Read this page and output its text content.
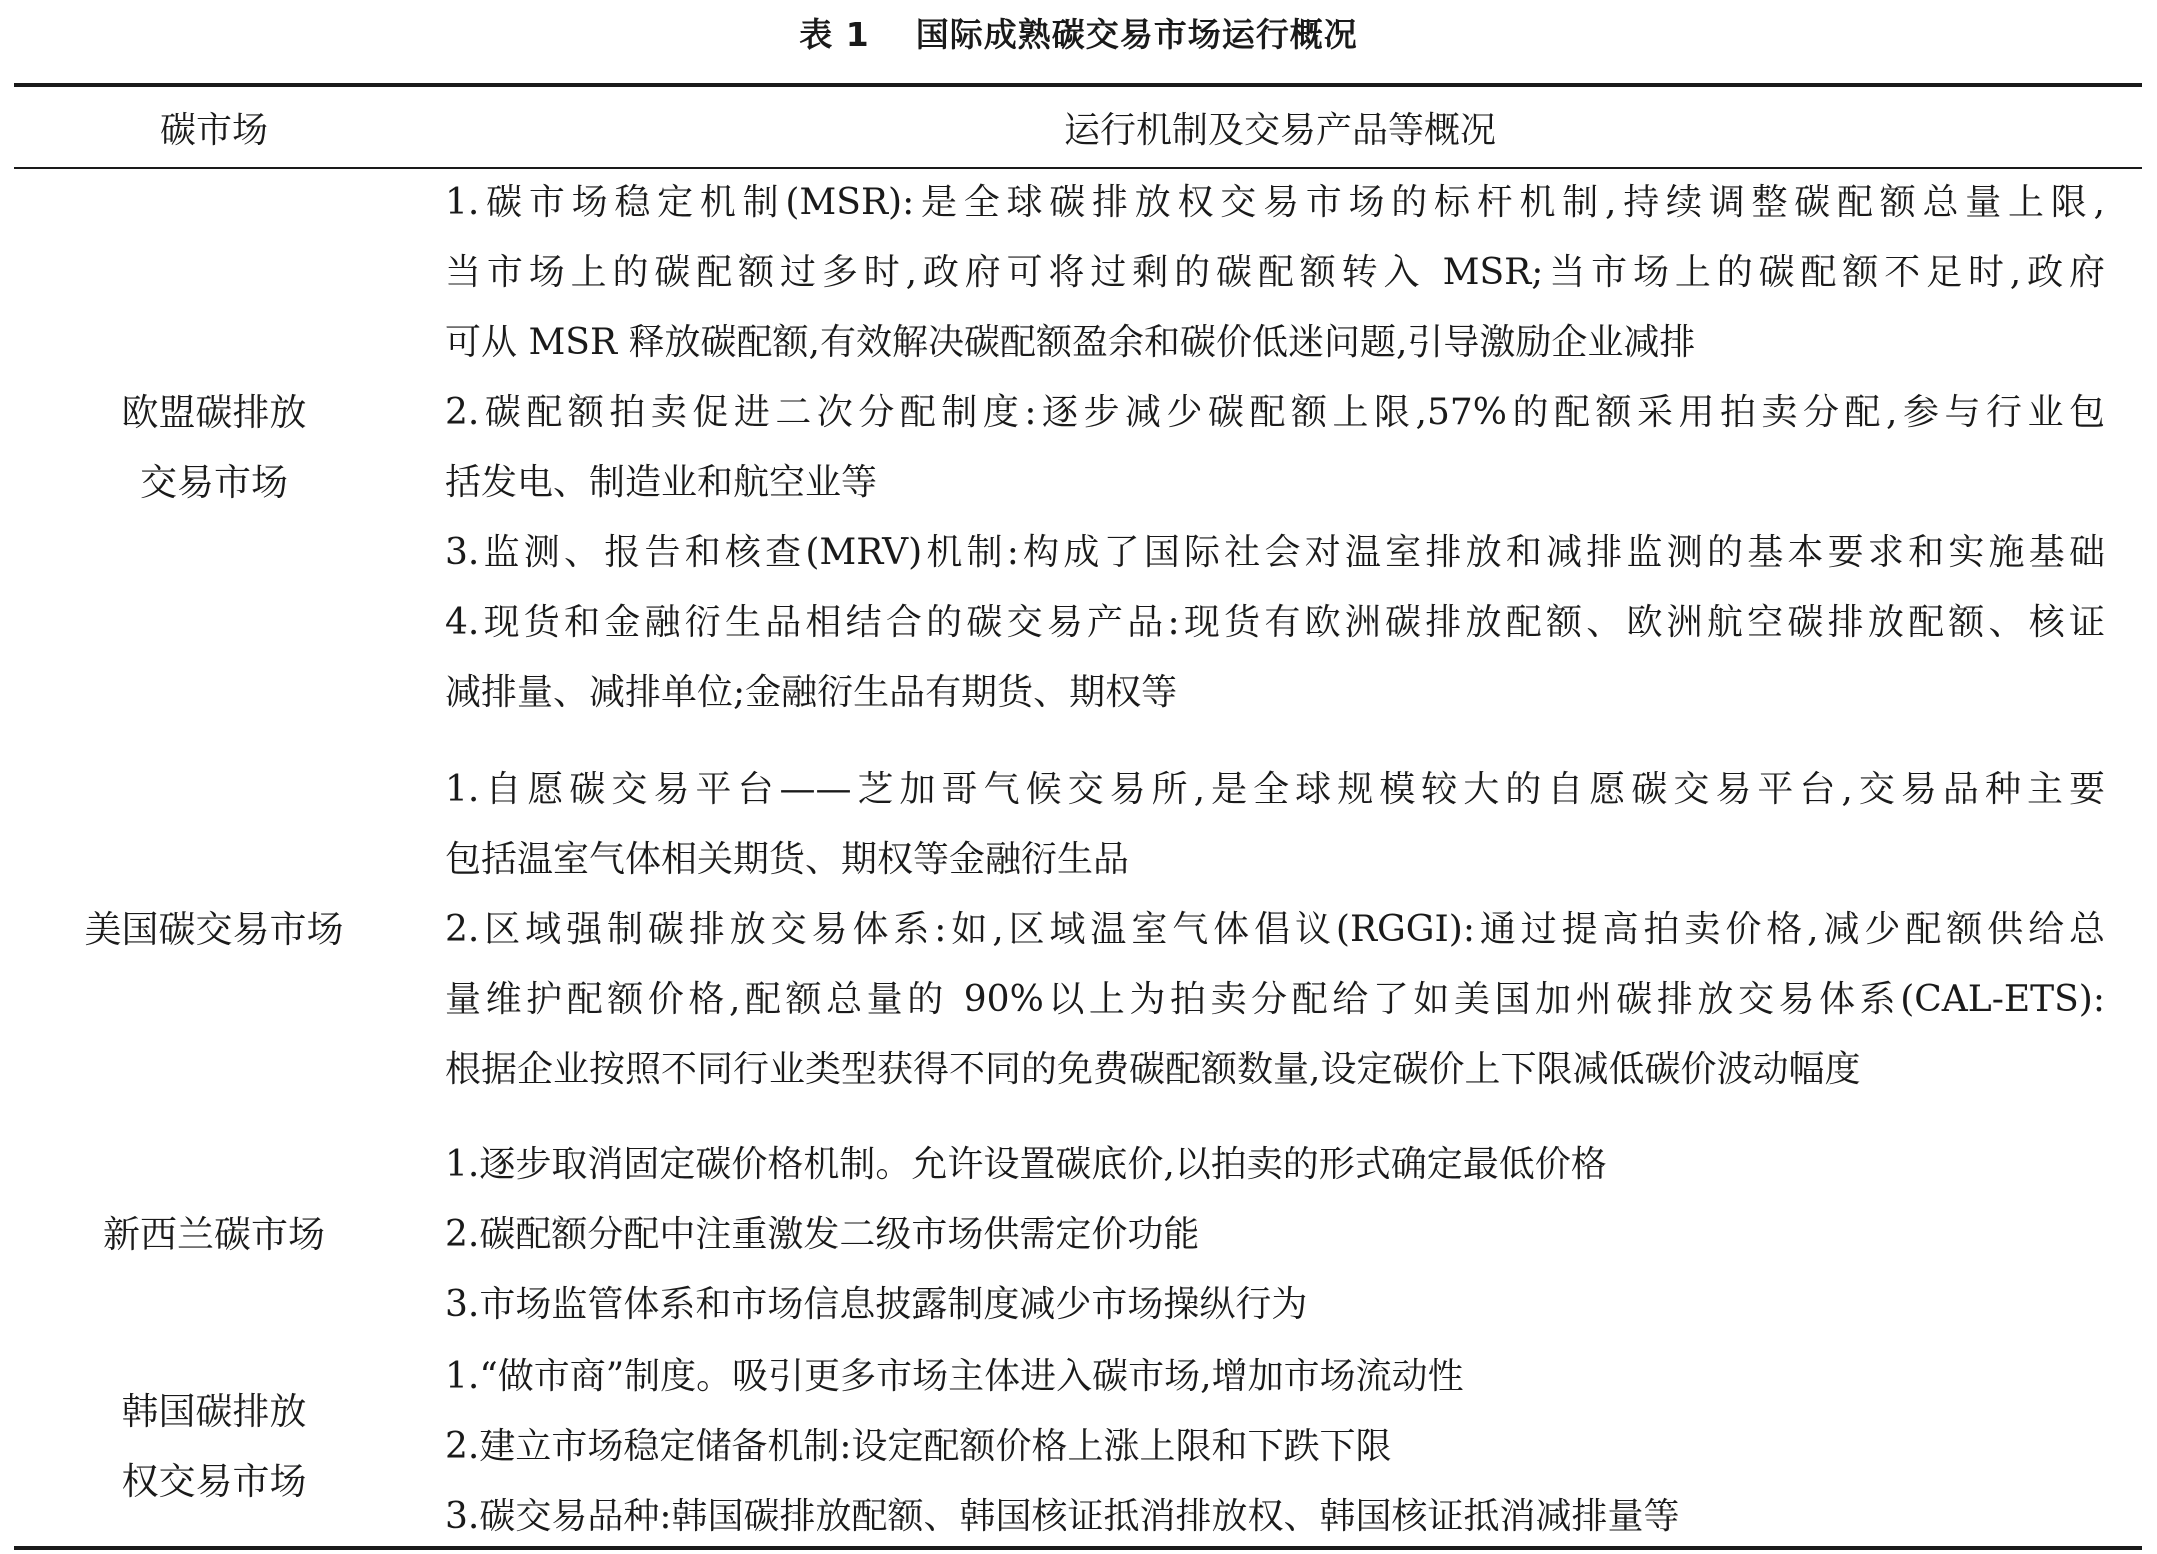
表 1 国际成熟碳交易市场运行概况
碳市场	运行机制及交易产品等概况
欧盟碳排放
交易市场
1.碳市场稳定机制(MSR):是全球碳排放权交易市场的标杆机制,持续调整碳配额总量上限,
当市场上的碳配额过多时,政府可将过剩的碳配额转入 MSR;当市场上的碳配额不足时,政府
可从 MSR 释放碳配额,有效解决碳配额盈余和碳价低迷问题,引导激励企业减排
2.碳配额拍卖促进二次分配制度:逐步减少碳配额上限,57%的配额采用拍卖分配,参与行业包
括发电、制造业和航空业等
3.监测、报告和核查(MRV)机制:构成了国际社会对温室排放和减排监测的基本要求和实施基础
4.现货和金融衍生品相结合的碳交易产品:现货有欧洲碳排放配额、欧洲航空碳排放配额、核证
减排量、减排单位;金融衍生品有期货、期权等
美国碳交易市场
1.自愿碳交易平台——芝加哥气候交易所,是全球规模较大的自愿碳交易平台,交易品种主要
包括温室气体相关期货、期权等金融衍生品
2.区域强制碳排放交易体系:如,区域温室气体倡议(RGGI):通过提高拍卖价格,减少配额供给总
量维护配额价格,配额总量的 90%以上为拍卖分配给了如美国加州碳排放交易体系(CAL-ETS):
根据企业按照不同行业类型获得不同的免费碳配额数量,设定碳价上下限减低碳价波动幅度
新西兰碳市场
1.逐步取消固定碳价格机制。允许设置碳底价,以拍卖的形式确定最低价格
2.碳配额分配中注重激发二级市场供需定价功能
3.市场监管体系和市场信息披露制度减少市场操纵行为
韩国碳排放
权交易市场
1.“做市商”制度。吸引更多市场主体进入碳市场,增加市场流动性
2.建立市场稳定储备机制:设定配额价格上涨上限和下跌下限
3.碳交易品种:韩国碳排放配额、韩国核证抵消排放权、韩国核证抵消减排量等
